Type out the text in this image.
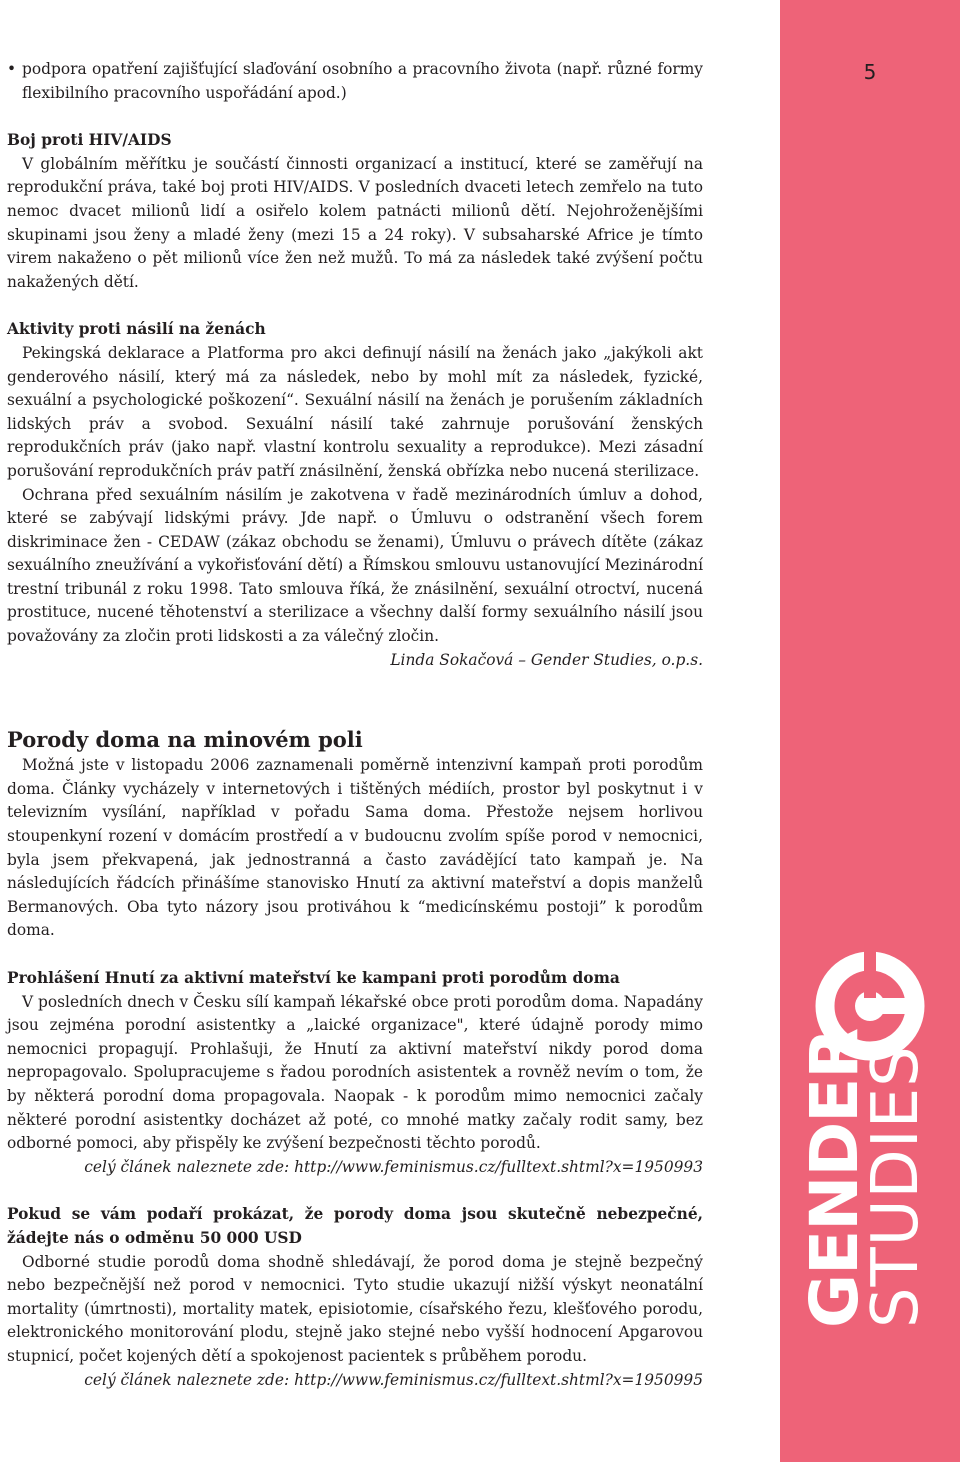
• podpora opatření zajišťující slaďování osobního a pracovního života (např. různé formy flexibilního pracovního uspořádání apod.)

Boj proti HIV/AIDS

V globálním měřítku je součástí činnosti organizací a institucí, které se zaměřují na reprodukční práva, také boj proti HIV/AIDS. V posledních dvaceti letech zemřelo na tuto nemoc dvacet milionů lidí a osiřelo kolem patnácti milionů dětí. Nejohroženějšími skupinami jsou ženy a mladé ženy (mezi 15 a 24 roky). V subsaharské Africe je tímto virem nakaženo o pět milionů více žen než mužů. To má za následek také zvýšení počtu nakažených dětí.

Aktivity proti násilí na ženách

Pekingská deklarace a Platforma pro akci definují násilí na ženách jako „jakýkoli akt genderového násilí, který má za následek, nebo by mohl mít za následek, fyzické, sexuální a psychologické poškození“. Sexuální násilí na ženách je porušením základních lidských práv a svobod. Sexuální násilí také zahrnuje porušování ženských reprodukčních práv (jako např. vlastní kontrolu sexuality a reprodukce). Mezi zásadní porušování reprodukčních práv patří znásilnění, ženská obřízka nebo nucená sterilizace.

Ochrana před sexuálním násilím je zakotvena v řadě mezinárodních úmluv a dohod, které se zabývají lidskými právy. Jde např. o Úmluvu o odstranění všech forem diskriminace žen - CEDAW (zákaz obchodu se ženami), Úmluvu o právech dítěte (zákaz sexuálního zneužívání a vykořisťování dětí) a Římskou smlouvu ustanovující Mezinárodní trestní tribunál z roku 1998. Tato smlouva říká, že znásilnění, sexuální otroctví, nucená prostituce, nucené těhotenství a sterilizace a všechny další formy sexuálního násilí jsou považovány za zločin proti lidskosti a za válečný zločin.

Linda Sokačová – Gender Studies, o.p.s.

Porody doma na minovém poli

Možná jste v listopadu 2006 zaznamenali poměrně intenzivní kampaň proti porodům doma. Články vycházely v internetových i tištěných médiích, prostor byl poskytnut i v televizním vysílání, například v pořadu Sama doma. Přestože nejsem horlivou stoupenkyní rození v domácím prostředí a v budoucnu zvolím spíše porod v nemocnici, byla jsem překvapená, jak jednostranná a často zavádějící tato kampaň je. Na následujících řádcích přinášíme stanovisko Hnutí za aktivní mateřství a dopis manželů Bermanových. Oba tyto názory jsou protiváhou k “medicínskému postoji” k porodům doma.

Prohlášení Hnutí za aktivní mateřství ke kampani proti porodům doma

V posledních dnech v Česku sílí kampaň lékařské obce proti porodům doma. Napadány jsou zejména porodní asistentky a „laické organizace", které údajně porody mimo nemocnici propagují. Prohlašuji, že Hnutí za aktivní mateřství nikdy porod doma nepropagovalo. Spolupracujeme s řadou porodních asistentek a rovněž nevím o tom, že by některá porodní doma propagovala. Naopak - k porodům mimo nemocnici začaly některé porodní asistentky docházet až poté, co mnohé matky začaly rodit samy, bez odborné pomoci, aby přispěly ke zvýšení bezpečnosti těchto porodů.

celý článek naleznete zde: http://www.feminismus.cz/fulltext.shtml?x=1950993

Pokud se vám podaří prokázat, že porody doma jsou skutečně nebezpečné, žádejte nás o odměnu 50 000 USD

Odborné studie porodů doma shodně shledávají, že porod doma je stejně bezpečný nebo bezpečnější než porod v nemocnici. Tyto studie ukazují nižší výskyt neonatální mortality (úmrtnosti), mortality matek, episiotomie, císařského řezu, klešťového porodu, elektronického monitorování plodu, stejně jako stejné nebo vyšší hodnocení Apgarovou stupnicí, počet kojených dětí a spokojenost pacientek s průběhem porodu.

celý článek naleznete zde: http://www.feminismus.cz/fulltext.shtml?x=1950995

5
GENDER
STUDIES
